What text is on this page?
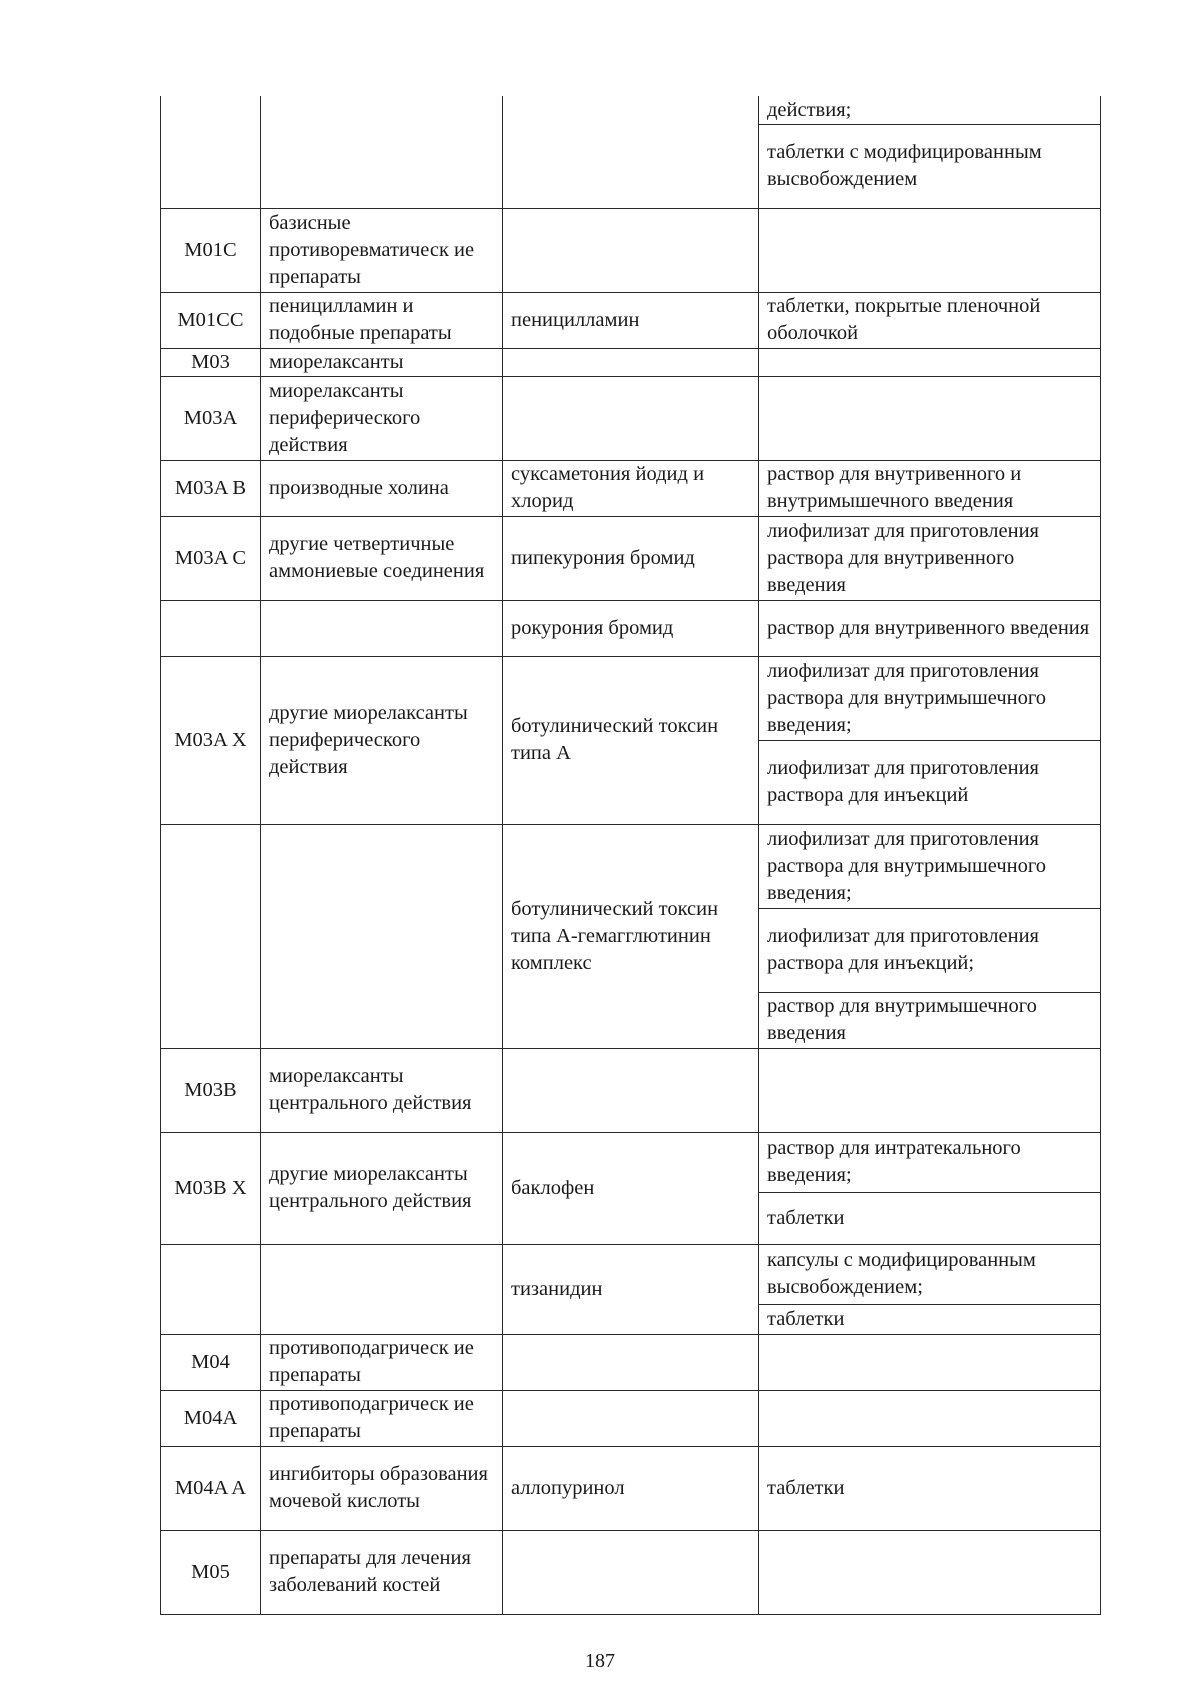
			действия;
			таблетки с модифицированным высвобождением
M01C	базисные противоревматическ ие препараты		
M01CC	пеницилламин и подобные препараты	пеницилламин	таблетки, покрытые пленочной оболочкой
M03	миорелаксанты		
M03A	миорелаксанты периферического действия		
M03A B	производные холина	суксаметония йодид и хлорид	раствор для внутривенного и внутримышечного введения
M03A C	другие четвертичные аммониевые соединения	пипекурония бромид	лиофилизат для приготовления раствора для внутривенного введения
		рокурония бромид	раствор для внутривенного введения
M03A X	другие миорелаксанты периферического действия	ботулинический токсин типа А	лиофилизат для приготовления раствора для внутримышечного введения;
			лиофилизат для приготовления раствора для инъекций
		ботулинический токсин типа А-гемагглютинин комплекс	лиофилизат для приготовления раствора для внутримышечного введения;
			лиофилизат для приготовления раствора для инъекций;
			раствор для внутримышечного введения
M03B	миорелаксанты центрального действия		
M03B X	другие миорелаксанты центрального действия	баклофен	раствор для интратекального введения;
			таблетки
		тизанидин	капсулы с модифицированным высвобождением;
			таблетки
M04	противоподагрическ ие препараты		
M04A	противоподагрическ ие препараты		
M04A A	ингибиторы образования мочевой кислоты	аллопуринол	таблетки
M05	препараты для лечения заболеваний костей		
187
